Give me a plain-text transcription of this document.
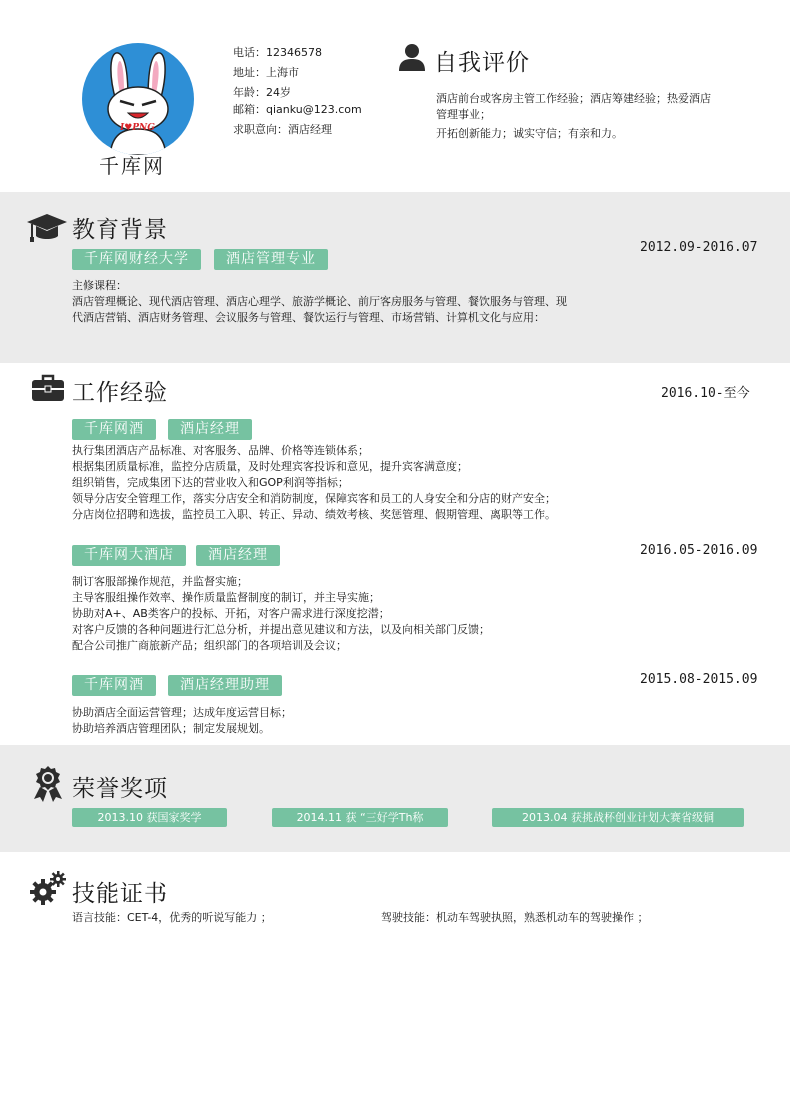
I♥PNG
千库网
电话：12346578
地址：上海市
年龄：24岁
邮箱：qianku@123.com
求职意向：酒店经理
自我评价
酒店前台或客房主管工作经验；酒店筹建经验；热爱酒店
管理事业；
开拓创新能力；诚实守信；有亲和力。
教育背景
千库网财经大学	酒店管理专业
2012.09-2016.07
主修课程：
酒店管理概论、现代酒店管理、酒店心理学、旅游学概论、前厅客房服务与管理、餐饮服务与管理、现
代酒店营销、酒店财务管理、会议服务与管理、餐饮运行与管理、市场营销、计算机文化与应用：
工作经验	2016.10-至今
千库网酒	酒店经理
执行集团酒店产品标准、对客服务、品牌、价格等连锁体系；
根据集团质量标准，监控分店质量，及时处理宾客投诉和意见，提升宾客满意度；
组织销售，完成集团下达的营业收入和GOP利润等指标；
领导分店安全管理工作，落实分店安全和消防制度，保障宾客和员工的人身安全和分店的财产安全；
分店岗位招聘和选拔，监控员工入职、转正、异动、绩效考核、奖惩管理、假期管理、离职等工作。
2016.05-2016.09
千库网大酒店	酒店经理
制订客服部操作规范，并监督实施；
主导客服组操作效率、操作质量监督制度的制订，并主导实施；
协助对A+、AB类客户的投标、开拓，对客户需求进行深度挖潜；
对客户反馈的各种问题进行汇总分析，并提出意见建议和方法，以及向相关部门反馈；
配合公司推广商旅新产品；组织部门的各项培训及会议；
2015.08-2015.09
千库网酒	酒店经理助理
协助酒店全面运营管理；达成年度运营目标；
协助培养酒店管理团队；制定发展规划。
荣誉奖项
2013.10 获国家奖学	2014.11 获 “三好学Th称	2013.04 获挑战杯创业计划大赛省级铜
技能证书
语言技能：CET-4，优秀的听说写能力 ；	驾驶技能：机动车驾驶执照，熟悉机动车的驾驶操作 ；
